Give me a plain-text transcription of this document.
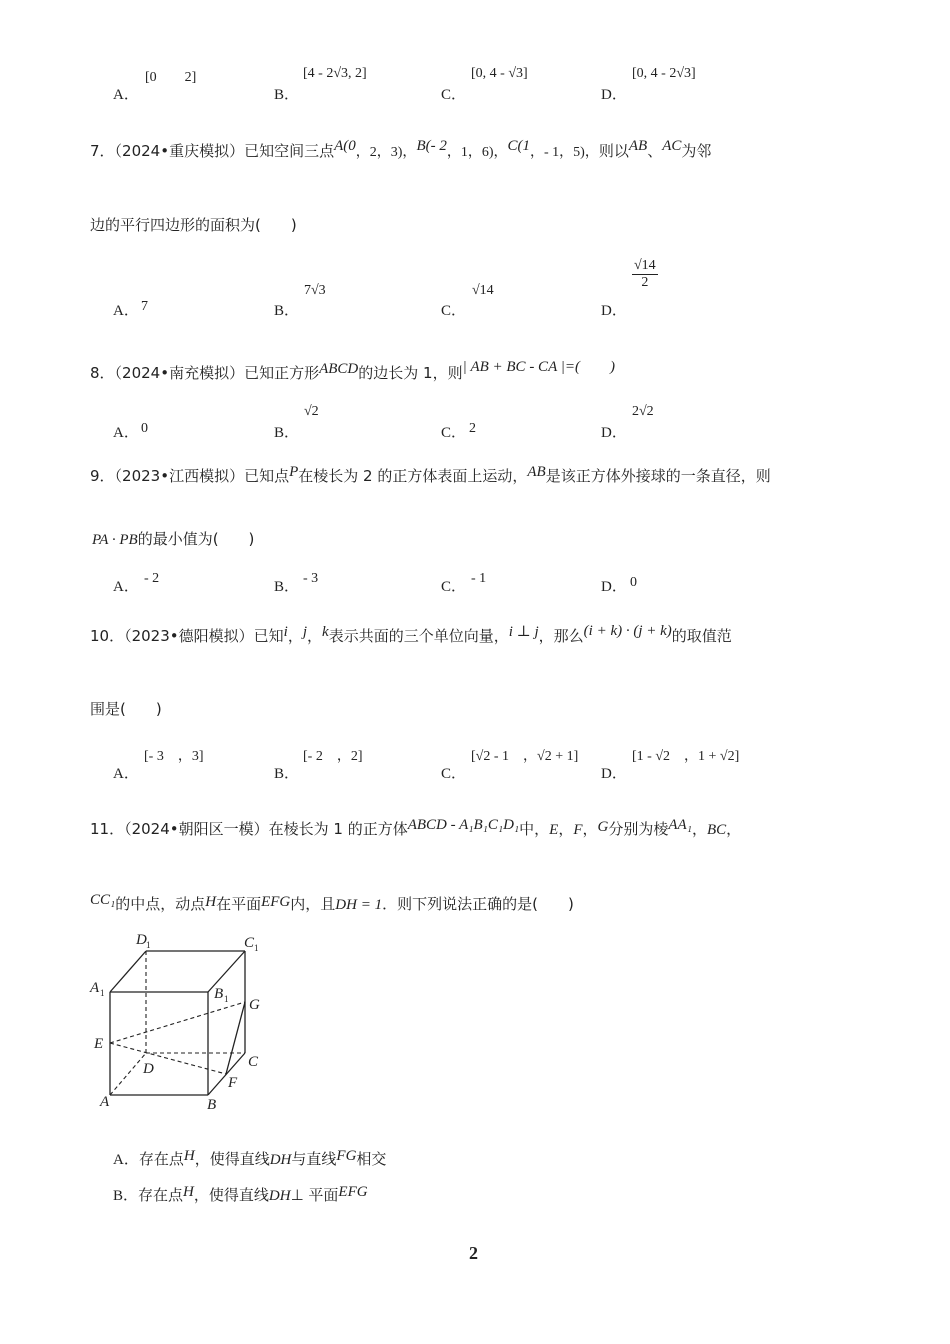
A．
[0　　2]
B．
[4 - 2√3, 2]
C．
[0, 4 - √3]
D．
[0, 4 - 2√3]
7．（2024•重庆模拟）已知空间三点A(0，2，3)，B(- 2，1，6)，C(1，- 1，5)，则以AB、AC为邻
边的平行四边形的面积为(　　)
A． 7	B．
7√3
C．
√14
D．
$\frac{√14}{2}$
8．（2024•南充模拟）已知正方形ABCD的边长为 1，则| AB + BC - CA |=(　　)
A． 0	B．
√2
C． 2	D．
2√2
9．（2023•江西模拟）已知点P在棱长为 2 的正方体表面上运动，AB是该正方体外接球的一条直径，则
PA · PB的最小值为(　　)
A．
- 2
B．
- 3
C．
- 1
D． 0
10．（2023•德阳模拟）已知i，j，k表示共面的三个单位向量，i ⊥ j，那么(i + k) · (j + k)的取值范
围是(　　)
A．
[- 3　，3]
B．
[- 2　，2]
C．
[√2 - 1　，√2 + 1]
D．
[1 - √2　，1 + √2]
11．（2024•朝阳区一模）在棱长为 1 的正方体ABCD - A₁B₁C₁D₁中，E，F，G分别为棱AA₁，BC，
CC₁的中点，动点H在平面EFG内，且DH = 1．则下列说法正确的是(　　)
D 1	C 1
A 1	B 1 G
E
D	C
F
A	B
A．存在点H，使得直线DH与直线FG相交
B．存在点H，使得直线DH⊥ 平面EFG
2
